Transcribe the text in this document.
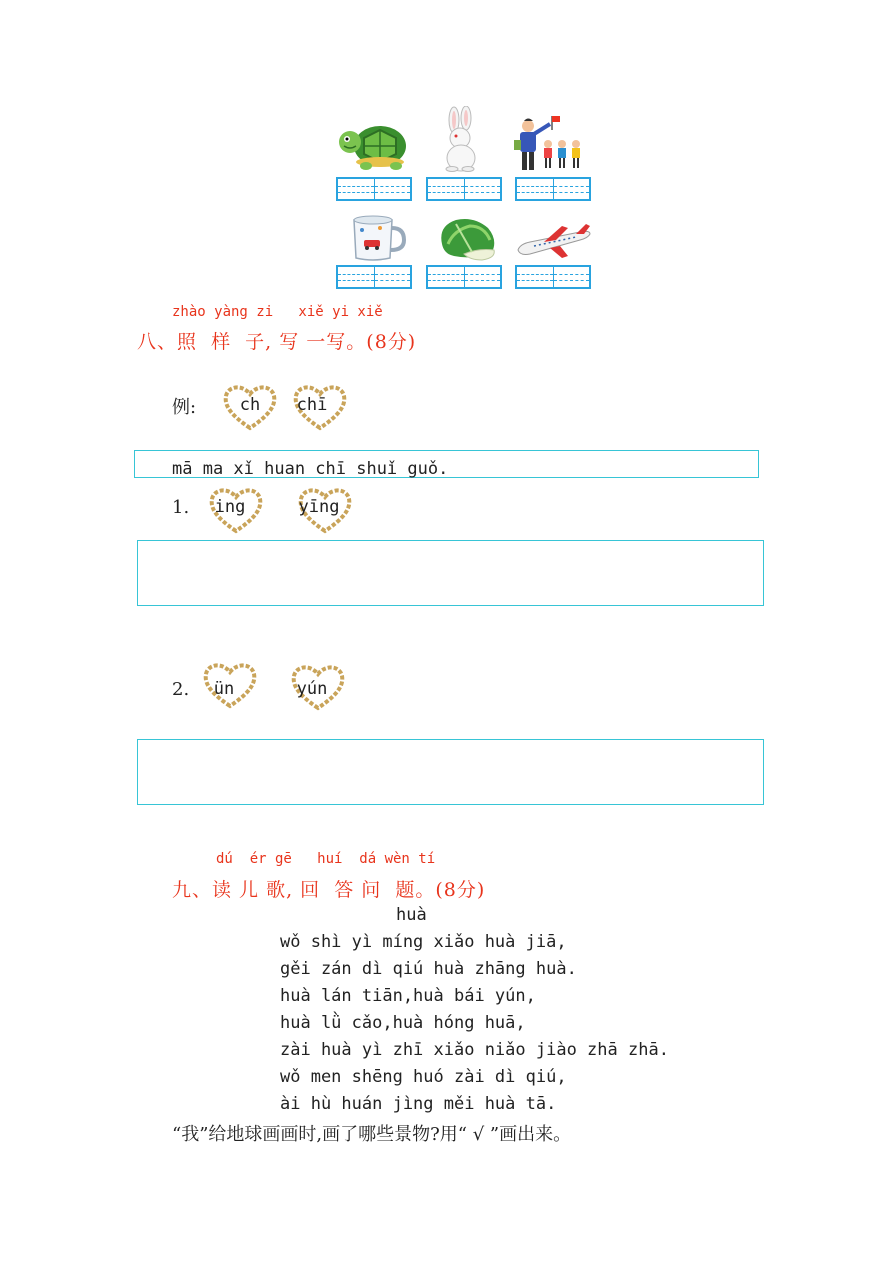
zhào yàng zi   xiě yi xiě
八、照  样  子, 写 一写。(8分)
例:	ch	chī
mā ma xǐ huan chī shuǐ guǒ.
1.	ing	yīng
2.	ün	yún
dú  ér gē   huí  dá wèn tí
九、读 儿 歌, 回  答 问  题。(8分)
huà
wǒ shì yì míng xiǎo huà jiā,
gěi zán dì qiú huà zhāng huà.
huà lán tiān,huà bái yún,
huà lǜ cǎo,huà hóng huā,
zài huà yì zhī xiǎo niǎo jiào zhā zhā.
wǒ men shēng huó zài dì qiú,
ài hù huán jìng měi huà tā.
“我”给地球画画时,画了哪些景物?用“ √ ”画出来。
